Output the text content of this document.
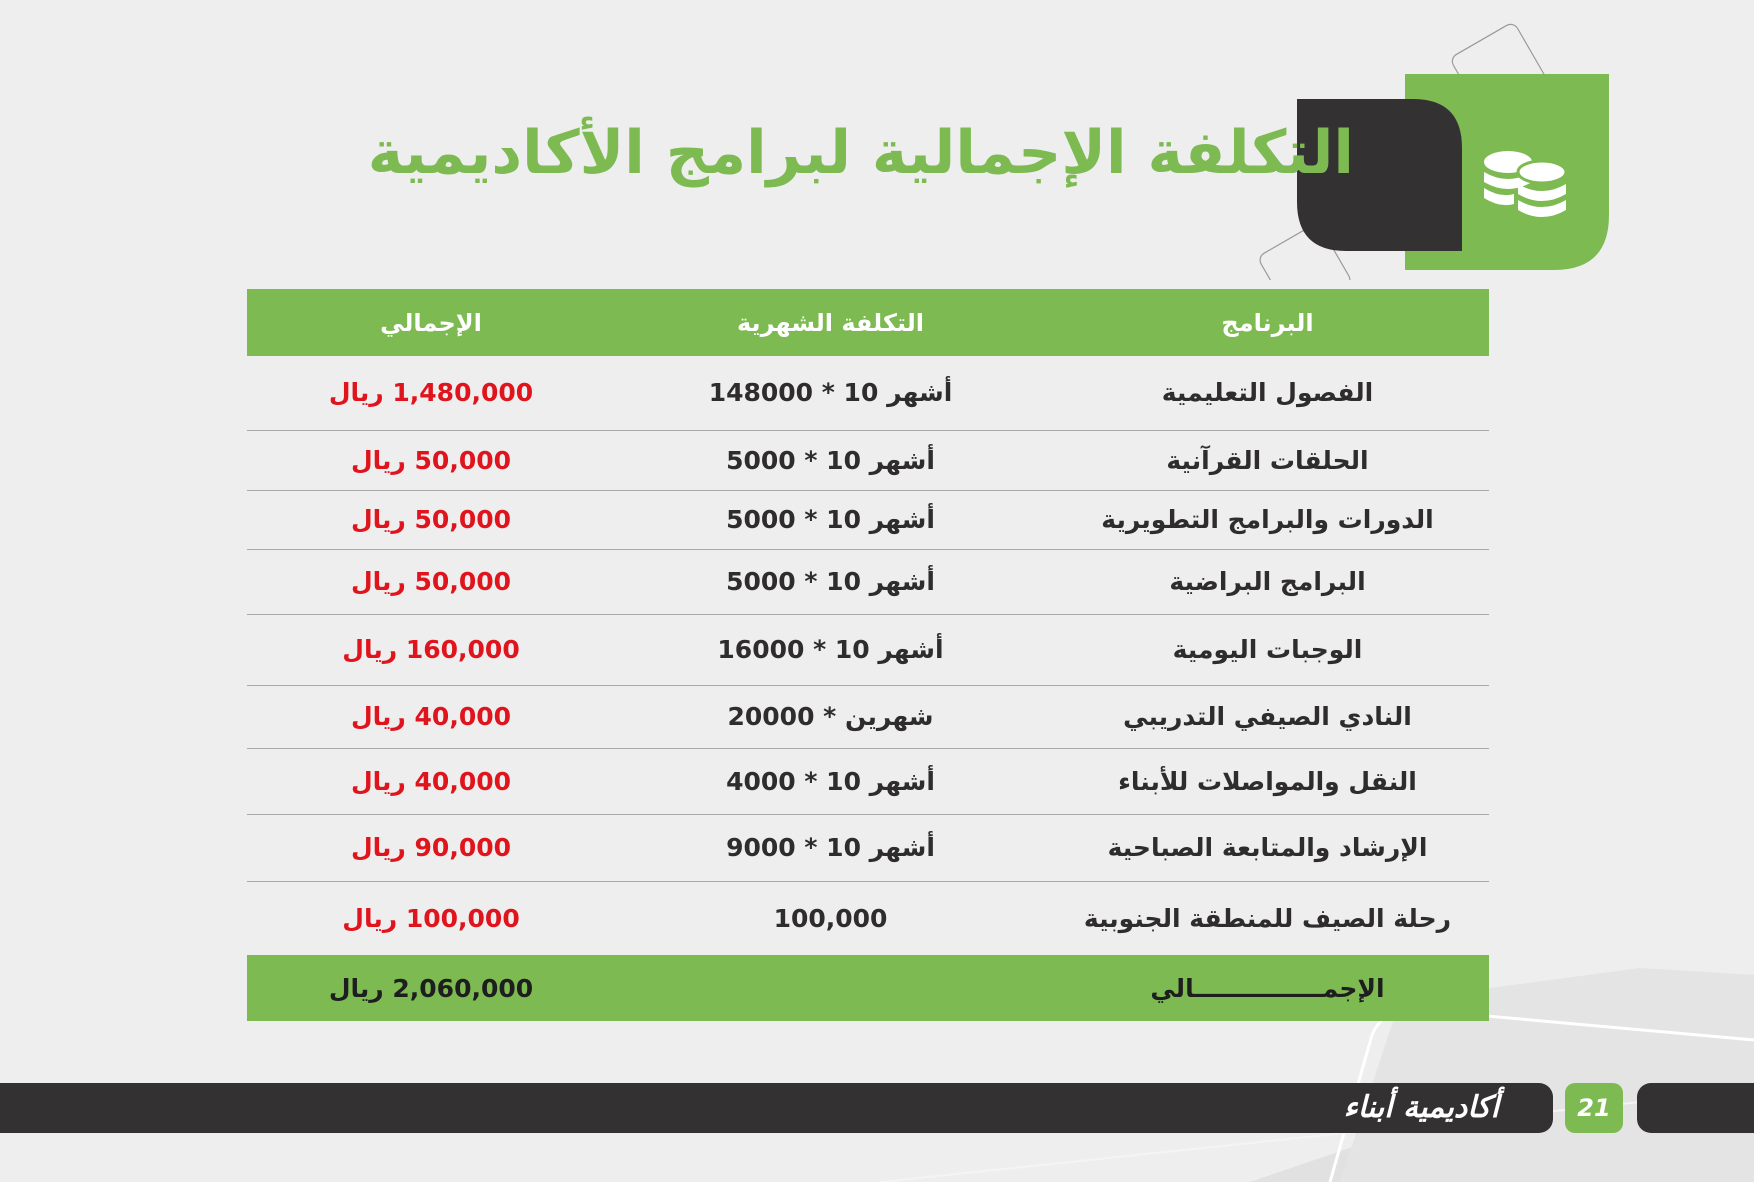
التكلفة الإجمالية لبرامج الأكاديمية
البرنامج	التكلفة الشهرية	الإجمالي
الفصول التعليمية	148000 * 10 أشهر	1,480,000 ريال
الحلقات القرآنية	5000 * 10 أشهر	50,000 ريال
الدورات والبرامج التطويرية	5000 * 10 أشهر	50,000 ريال
البرامج البراضية	5000 * 10 أشهر	50,000 ريال
الوجبات اليومية	16000 * 10 أشهر	160,000 ريال
النادي الصيفي التدريبي	20000 * شهرين	40,000 ريال
النقل والمواصلات للأبناء	4000 * 10 أشهر	40,000 ريال
الإرشاد والمتابعة الصباحية	9000 * 10 أشهر	90,000 ريال
رحلة الصيف للمنطقة الجنوبية	100,000	100,000 ريال
الإجمـــــــــــــــالي		2,060,000 ريال

أكاديمية أبناء	21
